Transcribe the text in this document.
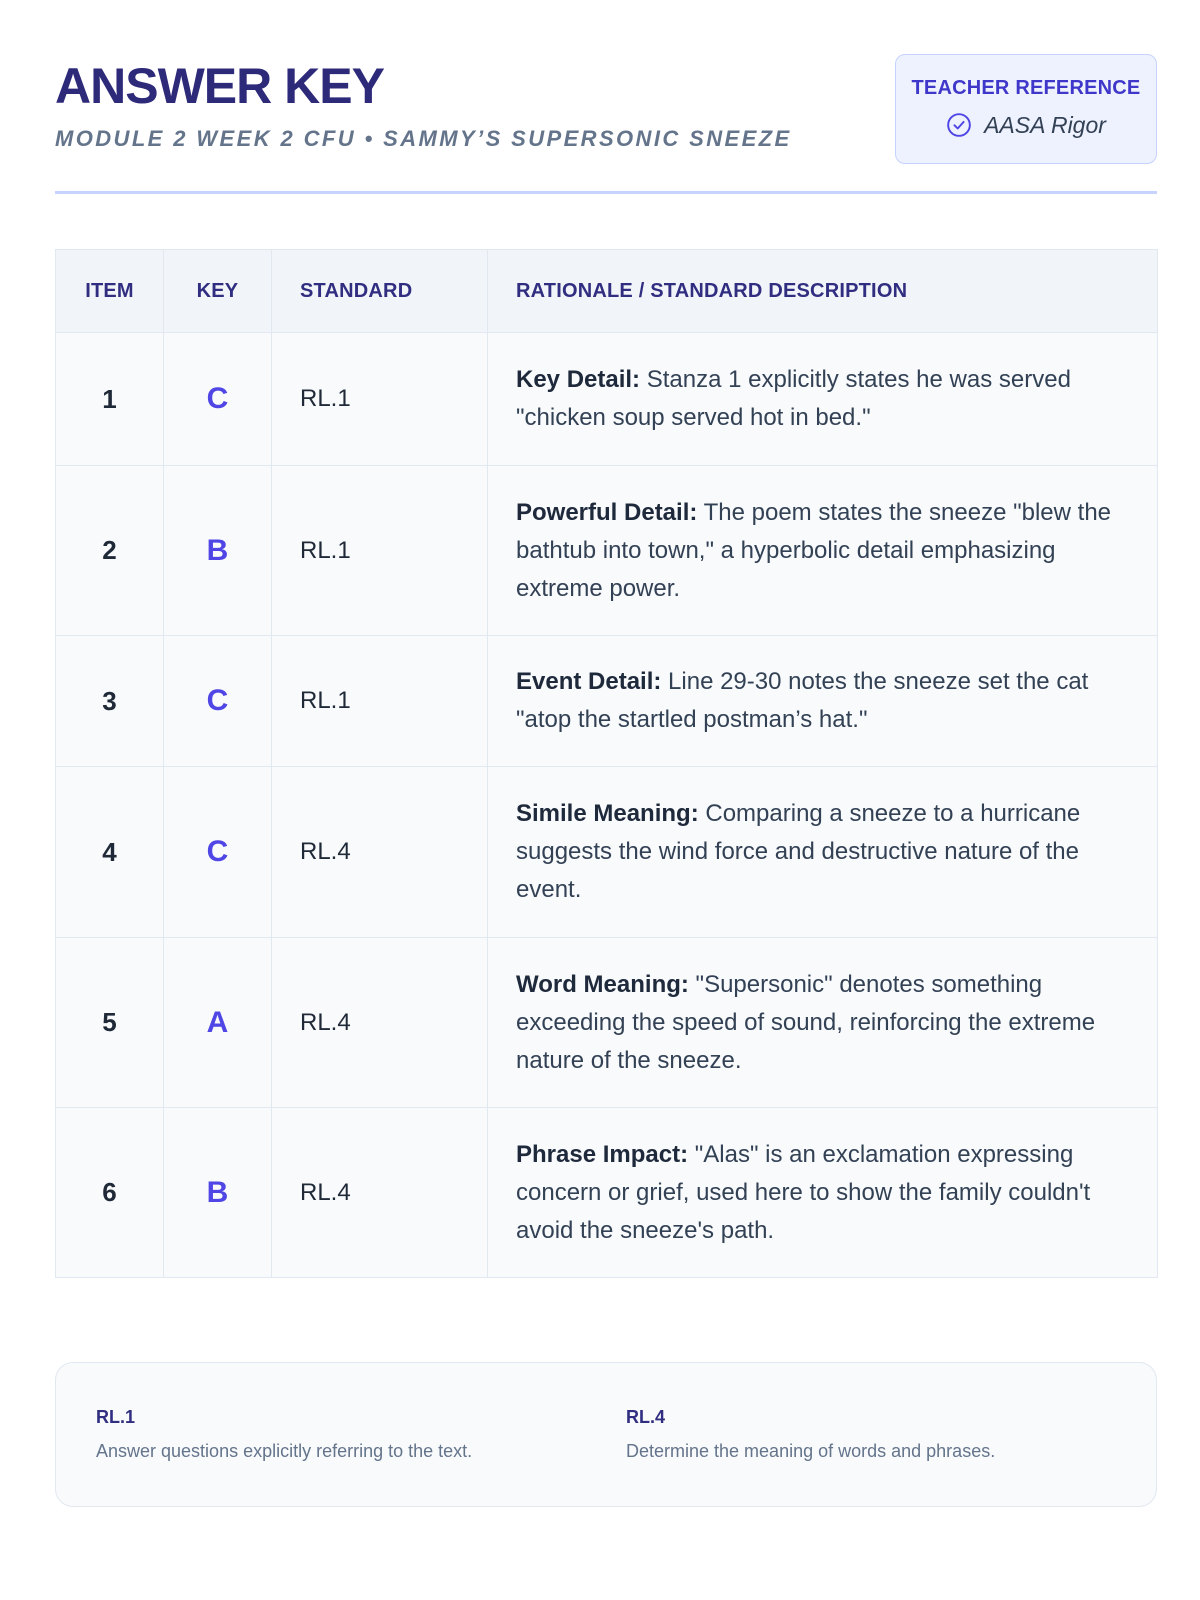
ANSWER KEY
MODULE 2 WEEK 2 CFU • SAMMY’S SUPERSONIC SNEEZE
TEACHER REFERENCE
AASA Rigor
ITEM	KEY	STANDARD	RATIONALE / STANDARD DESCRIPTION
1	C	RL.1	Key Detail: Stanza 1 explicitly states he was served "chicken soup served hot in bed."
2	B	RL.1	Powerful Detail: The poem states the sneeze "blew the bathtub into town," a hyperbolic detail emphasizing extreme power.
3	C	RL.1	Event Detail: Line 29-30 notes the sneeze set the cat "atop the startled postman’s hat."
4	C	RL.4	Simile Meaning: Comparing a sneeze to a hurricane suggests the wind force and destructive nature of the event.
5	A	RL.4	Word Meaning: "Supersonic" denotes something exceeding the speed of sound, reinforcing the extreme nature of the sneeze.
6	B	RL.4	Phrase Impact: "Alas" is an exclamation expressing concern or grief, used here to show the family couldn't avoid the sneeze's path.
RL.1
Answer questions explicitly referring to the text.
RL.4
Determine the meaning of words and phrases.
